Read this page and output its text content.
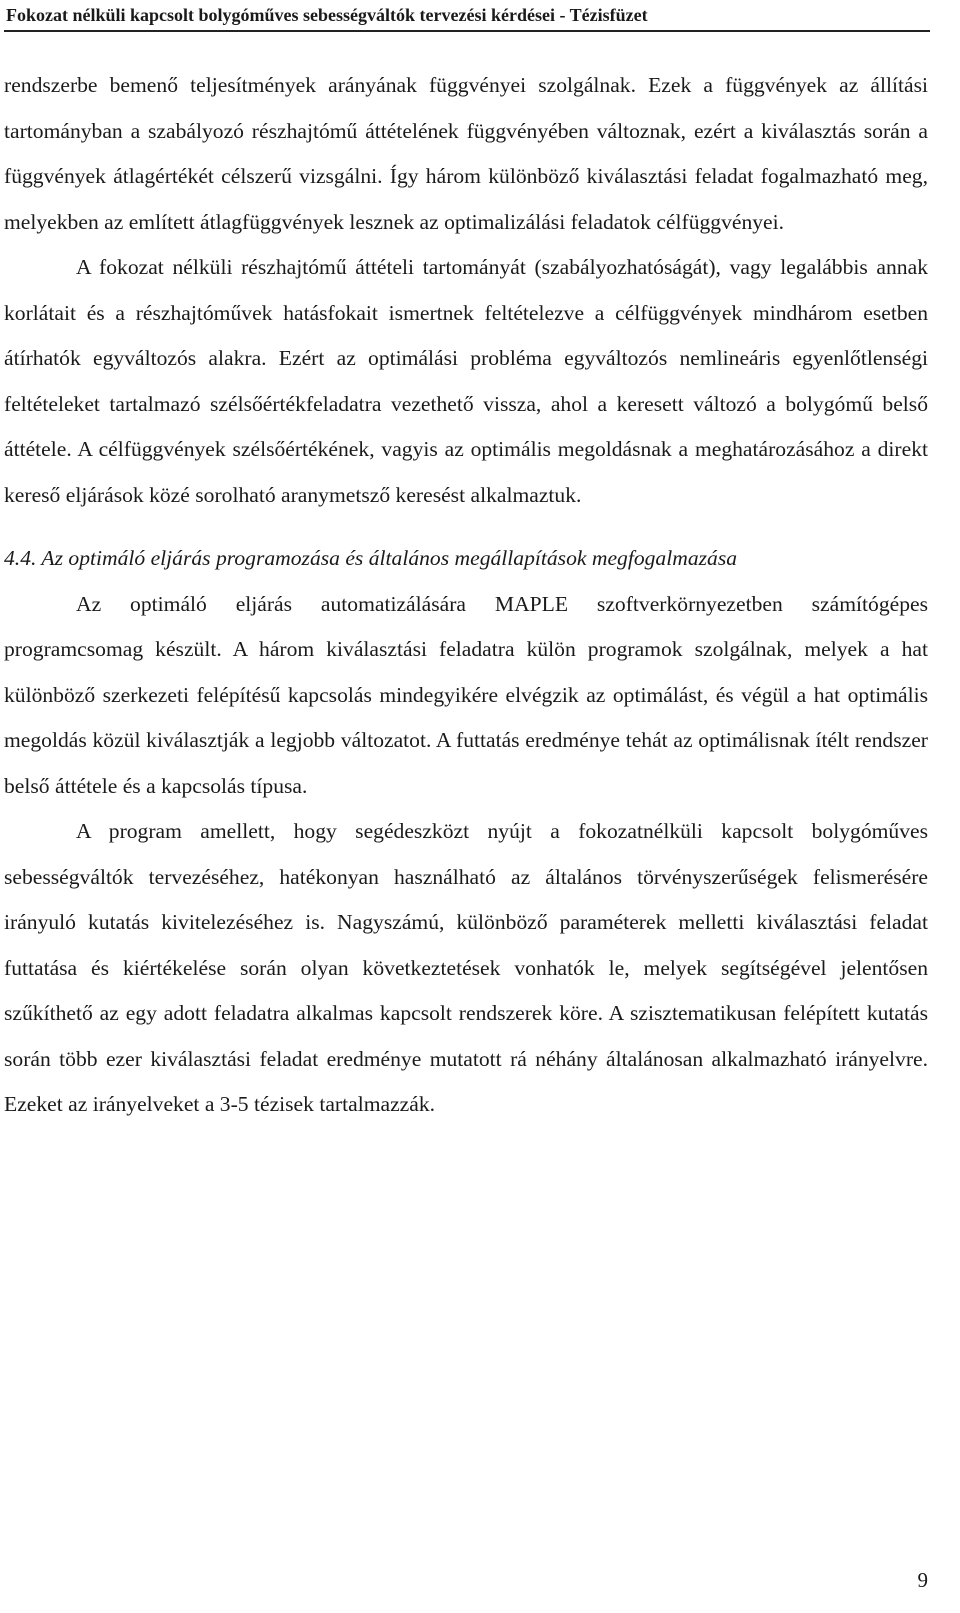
Fokozat nélküli kapcsolt bolygóműves sebességváltók tervezési kérdései - Tézisfüzet

rendszerbe bemenő teljesítmények arányának függvényei szolgálnak. Ezek a függvények az állítási tartományban a szabályozó részhajtómű áttételének függvényében változnak, ezért a kiválasztás során a függvények átlagértékét célszerű vizsgálni. Így három különböző kiválasztási feladat fogalmazható meg, melyekben az említett átlagfüggvények lesznek az optimalizálási feladatok célfüggvényei.

A fokozat nélküli részhajtómű áttételi tartományát (szabályozhatóságát), vagy legalábbis annak korlátait és a részhajtóművek hatásfokait ismertnek feltételezve a célfüggvények mindhárom esetben átírhatók egyváltozós alakra. Ezért az optimálási probléma egyváltozós nemlineáris egyenlőtlenségi feltételeket tartalmazó szélsőértékfeladatra vezethető vissza, ahol a keresett változó a bolygómű belső áttétele. A célfüggvények szélsőértékének, vagyis az optimális megoldásnak a meghatározásához a direkt kereső eljárások közé sorolható aranymetsző keresést alkalmaztuk.

4.4. Az optimáló eljárás programozása és általános megállapítások megfogalmazása

Az optimáló eljárás automatizálására MAPLE szoftverkörnyezetben számítógépes programcsomag készült. A három kiválasztási feladatra külön programok szolgálnak, melyek a hat különböző szerkezeti felépítésű kapcsolás mindegyikére elvégzik az optimálást, és végül a hat optimális megoldás közül kiválasztják a legjobb változatot. A futtatás eredménye tehát az optimálisnak ítélt rendszer belső áttétele és a kapcsolás típusa.

A program amellett, hogy segédeszközt nyújt a fokozatnélküli kapcsolt bolygóműves sebességváltók tervezéséhez, hatékonyan használható az általános törvényszerűségek felismerésére irányuló kutatás kivitelezéséhez is. Nagyszámú, különböző paraméterek melletti kiválasztási feladat futtatása és kiértékelése során olyan következtetések vonhatók le, melyek segítségével jelentősen szűkíthető az egy adott feladatra alkalmas kapcsolt rendszerek köre. A szisztematikusan felépített kutatás során több ezer kiválasztási feladat eredménye mutatott rá néhány általánosan alkalmazható irányelvre. Ezeket az irányelveket a 3-5 tézisek tartalmazzák.

9
